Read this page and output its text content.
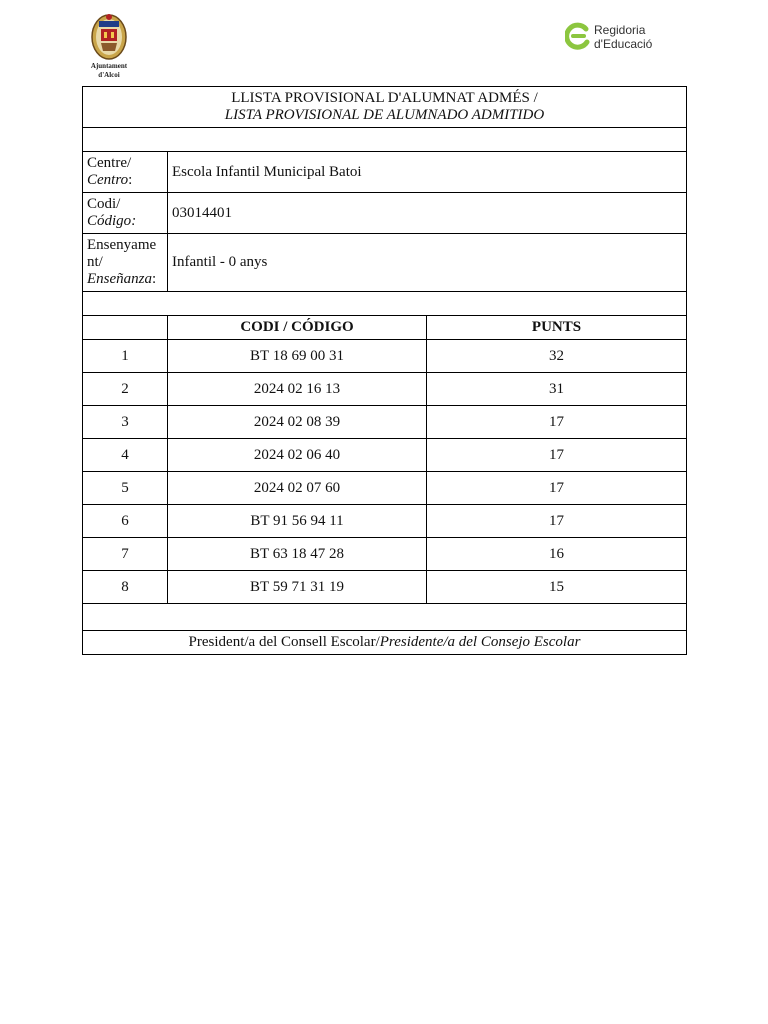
Ajuntament
d'Alcoi
Regidoria
d'Educació
LLISTA PROVISIONAL D'ALUMNAT ADMÉS /
LISTA PROVISIONAL DE ALUMNADO ADMITIDO		

Centre/
Centro:	Escola Infantil Municipal Batoi	

Codi/
Código:	03014401	

Ensenyame
nt/
Enseñanza:	Infantil - 0 anys	

	CODI / CÓDIGO	PUNTS
1	BT 18 69 00 31	32
2	2024 02 16 13	31
3	2024 02 08 39	17
4	2024 02 06 40	17
5	2024 02 07 60	17
6	BT 91 56 94 11	17
7	BT 63 18 47 28	16
8	BT 59 71 31 19	15

President/a del Consell Escolar/Presidente/a del Consejo Escolar		
